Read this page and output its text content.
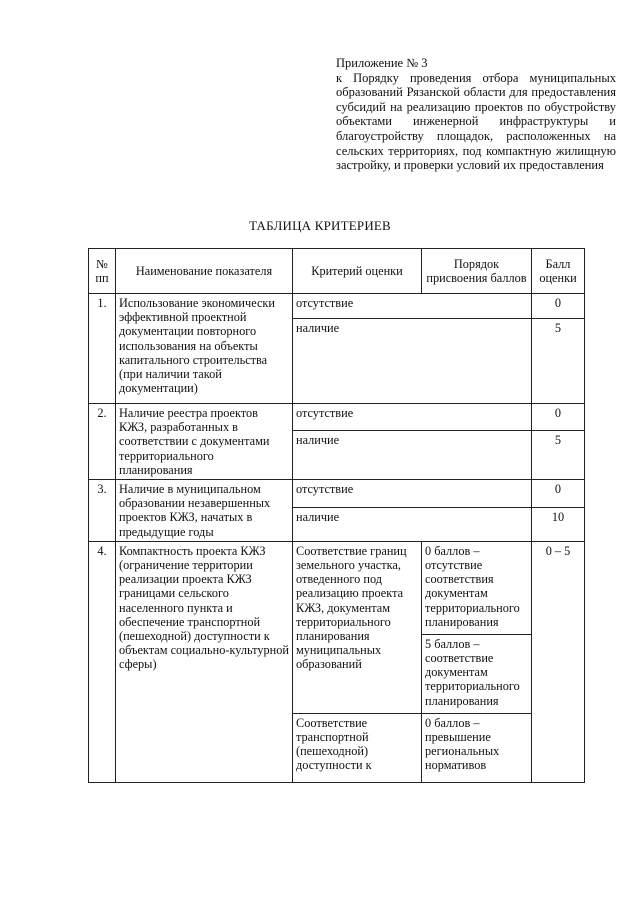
Приложение № 3

к Порядку проведения отбора муниципальных образований Рязанской области для предоставления субсидий на реализацию проектов по обустройству объектами инженерной инфраструктуры и благоустройству площадок, расположенных на сельских территориях, под компактную жилищную застройку, и проверки условий их предоставления

ТАБЛИЦА КРИТЕРИЕВ
№ пп	Наименование показателя	Критерий оценки	Порядок присвоения баллов	Балл оценки
1.	Использование экономически эффективной проектной документации повторного использования на объекты капитального строительства (при наличии такой документации)	отсутствие		0
		наличие		5
2.	Наличие реестра проектов КЖЗ, разработанных в соответствии с документами территориального планирования	отсутствие		0
		наличие		5
3.	Наличие в муниципальном образовании незавершенных проектов КЖЗ, начатых в предыдущие годы	отсутствие		0
		наличие		10
4.	Компактность проекта КЖЗ (ограничение территории реализации проекта КЖЗ границами сельского населенного пункта и обеспечение транспортной (пешеходной) доступности к объектам социально-культурной сферы)	Соответствие границ земельного участка, отведенного под реализацию проекта КЖЗ, документам территориального планирования муниципальных образований	0 баллов – отсутствие соответствия документам территориального планирования	0 – 5
			5 баллов – соответствие документам территориального планирования	
		Соответствие транспортной (пешеходной) доступности к	0 баллов – превышение региональных нормативов	
